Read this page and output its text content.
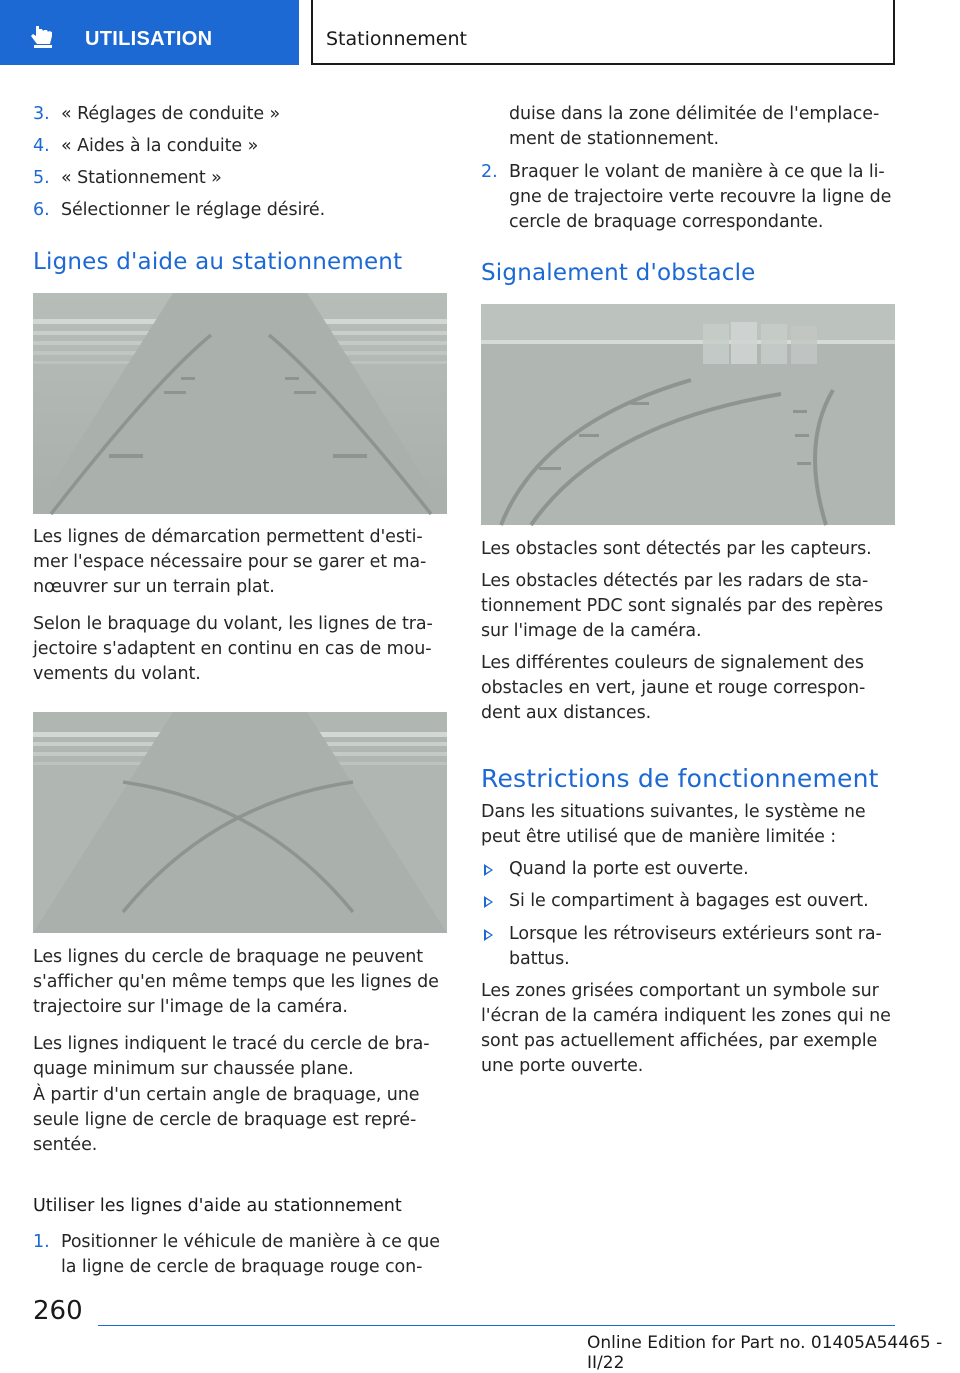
UTILISATION	Stationnement
3. « Réglages de conduite »
4. « Aides à la conduite »
5. « Stationnement »
6. Sélectionner le réglage désiré.
Lignes d'aide au stationnement
Les lignes de démarcation permettent d'esti-
mer l'espace nécessaire pour se garer et ma-
nœuvrer sur un terrain plat.
Selon le braquage du volant, les lignes de tra-
jectoire s'adaptent en continu en cas de mou-
vements du volant.
Les lignes du cercle de braquage ne peuvent
s'afficher qu'en même temps que les lignes de
trajectoire sur l'image de la caméra.
Les lignes indiquent le tracé du cercle de bra-
quage minimum sur chaussée plane.
À partir d'un certain angle de braquage, une
seule ligne de cercle de braquage est repré-
sentée.
Utiliser les lignes d'aide au stationnement
1. Positionner le véhicule de manière à ce que
la ligne de cercle de braquage rouge con-
duise dans la zone délimitée de l'emplace-
ment de stationnement.
2. Braquer le volant de manière à ce que la li-
gne de trajectoire verte recouvre la ligne de
cercle de braquage correspondante.
Signalement d'obstacle
Les obstacles sont détectés par les capteurs.
Les obstacles détectés par les radars de sta-
tionnement PDC sont signalés par des repères
sur l'image de la caméra.
Les différentes couleurs de signalement des
obstacles en vert, jaune et rouge correspon-
dent aux distances.
Restrictions de fonctionnement
Dans les situations suivantes, le système ne
peut être utilisé que de manière limitée :
Quand la porte est ouverte.
Si le compartiment à bagages est ouvert.
Lorsque les rétroviseurs extérieurs sont ra-
battus.
Les zones grisées comportant un symbole sur
l'écran de la caméra indiquent les zones qui ne
sont pas actuellement affichées, par exemple
une porte ouverte.
260
Online Edition for Part no. 01405A54465 - II/22
